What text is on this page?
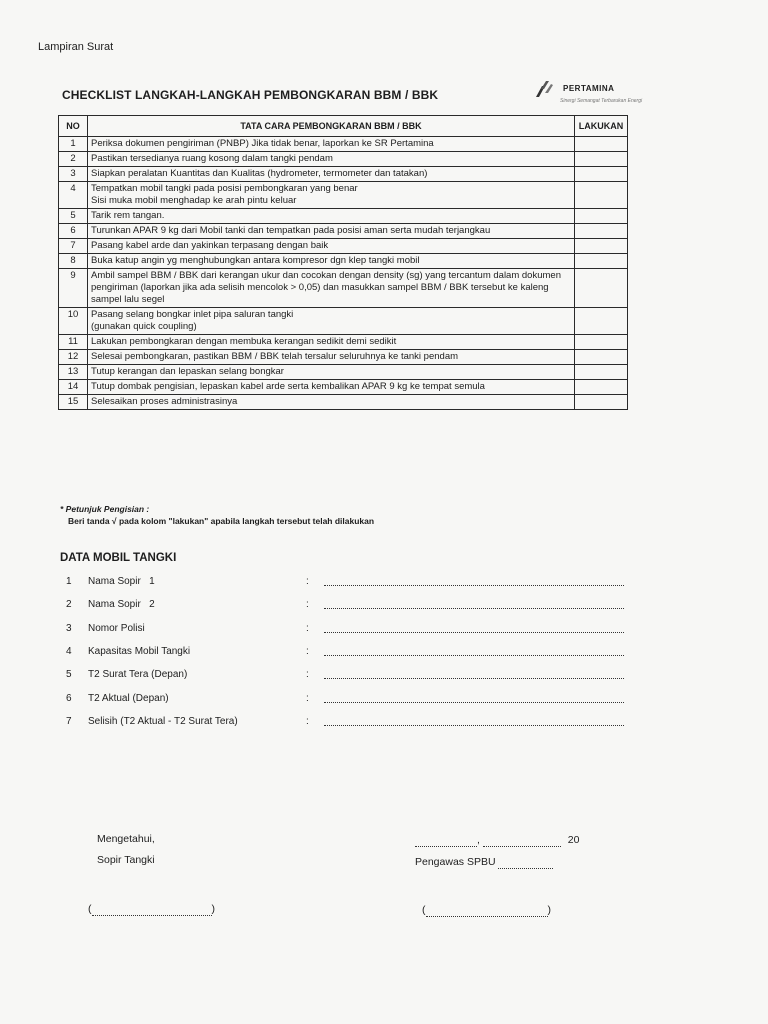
Lampiran Surat
CHECKLIST LANGKAH-LANGKAH PEMBONGKARAN BBM / BBK	PERTAMINA
Sinergi Semangat Terbarukan Energi
NO	TATA CARA PEMBONGKARAN BBM / BBK	LAKUKAN
1	Periksa dokumen pengiriman (PNBP) Jika tidak benar, laporkan ke SR Pertamina	
2	Pastikan tersedianya ruang kosong dalam tangki pendam	
3	Siapkan peralatan Kuantitas dan Kualitas (hydrometer, termometer dan tatakan)	
4	Tempatkan mobil tangki pada posisi pembongkaran yang benar
Sisi muka mobil menghadap ke arah pintu keluar	
5	Tarik rem tangan.	
6	Turunkan APAR 9 kg dari Mobil tanki dan tempatkan pada posisi aman serta mudah terjangkau	
7	Pasang kabel arde dan yakinkan terpasang dengan baik	
8	Buka katup angin yg menghubungkan antara kompresor dgn klep tangki mobil	
9	Ambil sampel BBM / BBK dari kerangan ukur dan cocokan dengan density (sg) yang tercantum dalam dokumen pengiriman (laporkan jika ada selisih mencolok > 0,05) dan masukkan sampel BBM / BBK tersebut ke kaleng sampel lalu segel	
10	Pasang selang bongkar inlet pipa saluran tangki
(gunakan quick coupling)	
11	Lakukan pembongkaran dengan membuka kerangan sedikit demi sedikit	
12	Selesai pembongkaran, pastikan BBM / BBK telah tersalur seluruhnya ke tanki pendam	
13	Tutup kerangan dan lepaskan selang bongkar	
14	Tutup dombak pengisian, lepaskan kabel arde serta kembalikan APAR 9 kg ke tempat semula	
15	Selesaikan proses administrasinya	
* Petunjuk Pengisian :
Beri tanda √ pada kolom "lakukan" apabila langkah tersebut telah dilakukan
DATA MOBIL TANGKI
1 Nama Sopir   1	:
2 Nama Sopir   2	:
3 Nomor Polisi	:
4 Kapasitas Mobil Tangki	:
5 T2 Surat Tera (Depan)	:
6 T2 Aktual (Depan)	:
7 Selisih (T2 Aktual - T2 Surat Tera)	:
Mengetahui,
Sopir Tangki
(	)
,	20
Pengawas SPBU
(	)
